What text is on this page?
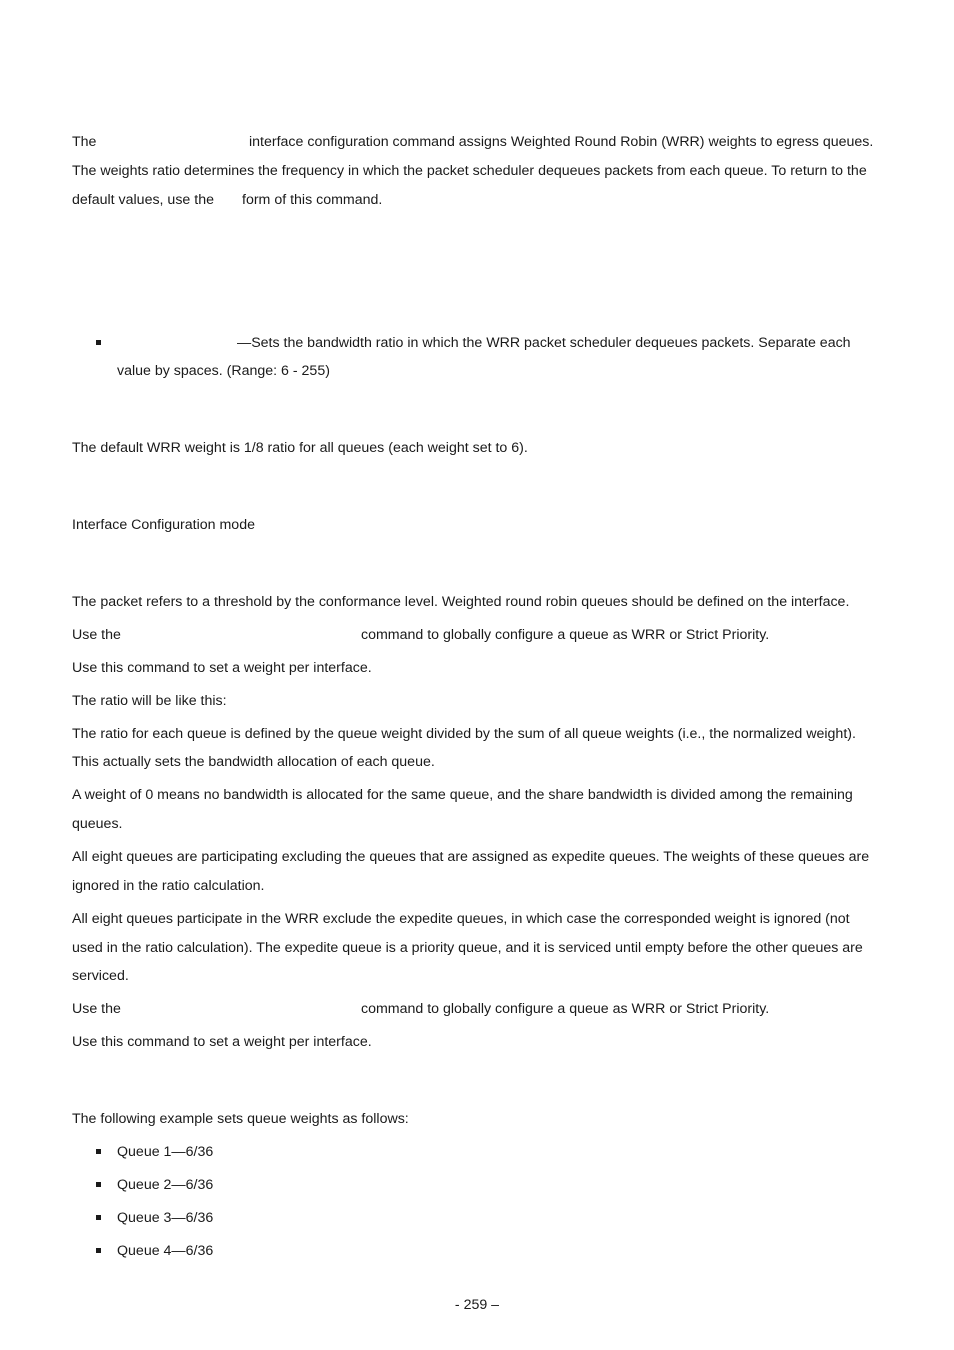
The	interface configuration command assigns Weighted Round Robin (WRR) weights to egress queues.
The weights ratio determines the frequency in which the packet scheduler dequeues packets from each queue. To return to the
default values, use the form of this command.
—Sets the bandwidth ratio in which the WRR packet scheduler dequeues packets. Separate each
value by spaces. (Range: 6 - 255)
The default WRR weight is 1/8 ratio for all queues (each weight set to 6).
Interface Configuration mode
The packet refers to a threshold by the conformance level. Weighted round robin queues should be defined on the interface.
Use the	command to globally configure a queue as WRR or Strict Priority.
Use this command to set a weight per interface.
The ratio will be like this:
The ratio for each queue is defined by the queue weight divided by the sum of all queue weights (i.e., the normalized weight).
This actually sets the bandwidth allocation of each queue.
A weight of 0 means no bandwidth is allocated for the same queue, and the share bandwidth is divided among the remaining
queues.
All eight queues are participating excluding the queues that are assigned as expedite queues. The weights of these queues are
ignored in the ratio calculation.
All eight queues participate in the WRR exclude the expedite queues, in which case the corresponded weight is ignored (not
used in the ratio calculation). The expedite queue is a priority queue, and it is serviced until empty before the other queues are
serviced.
Use the	command to globally configure a queue as WRR or Strict Priority.
Use this command to set a weight per interface.
The following example sets queue weights as follows:
Queue 1—6/36
Queue 2—6/36
Queue 3—6/36
Queue 4—6/36
- 259 –
